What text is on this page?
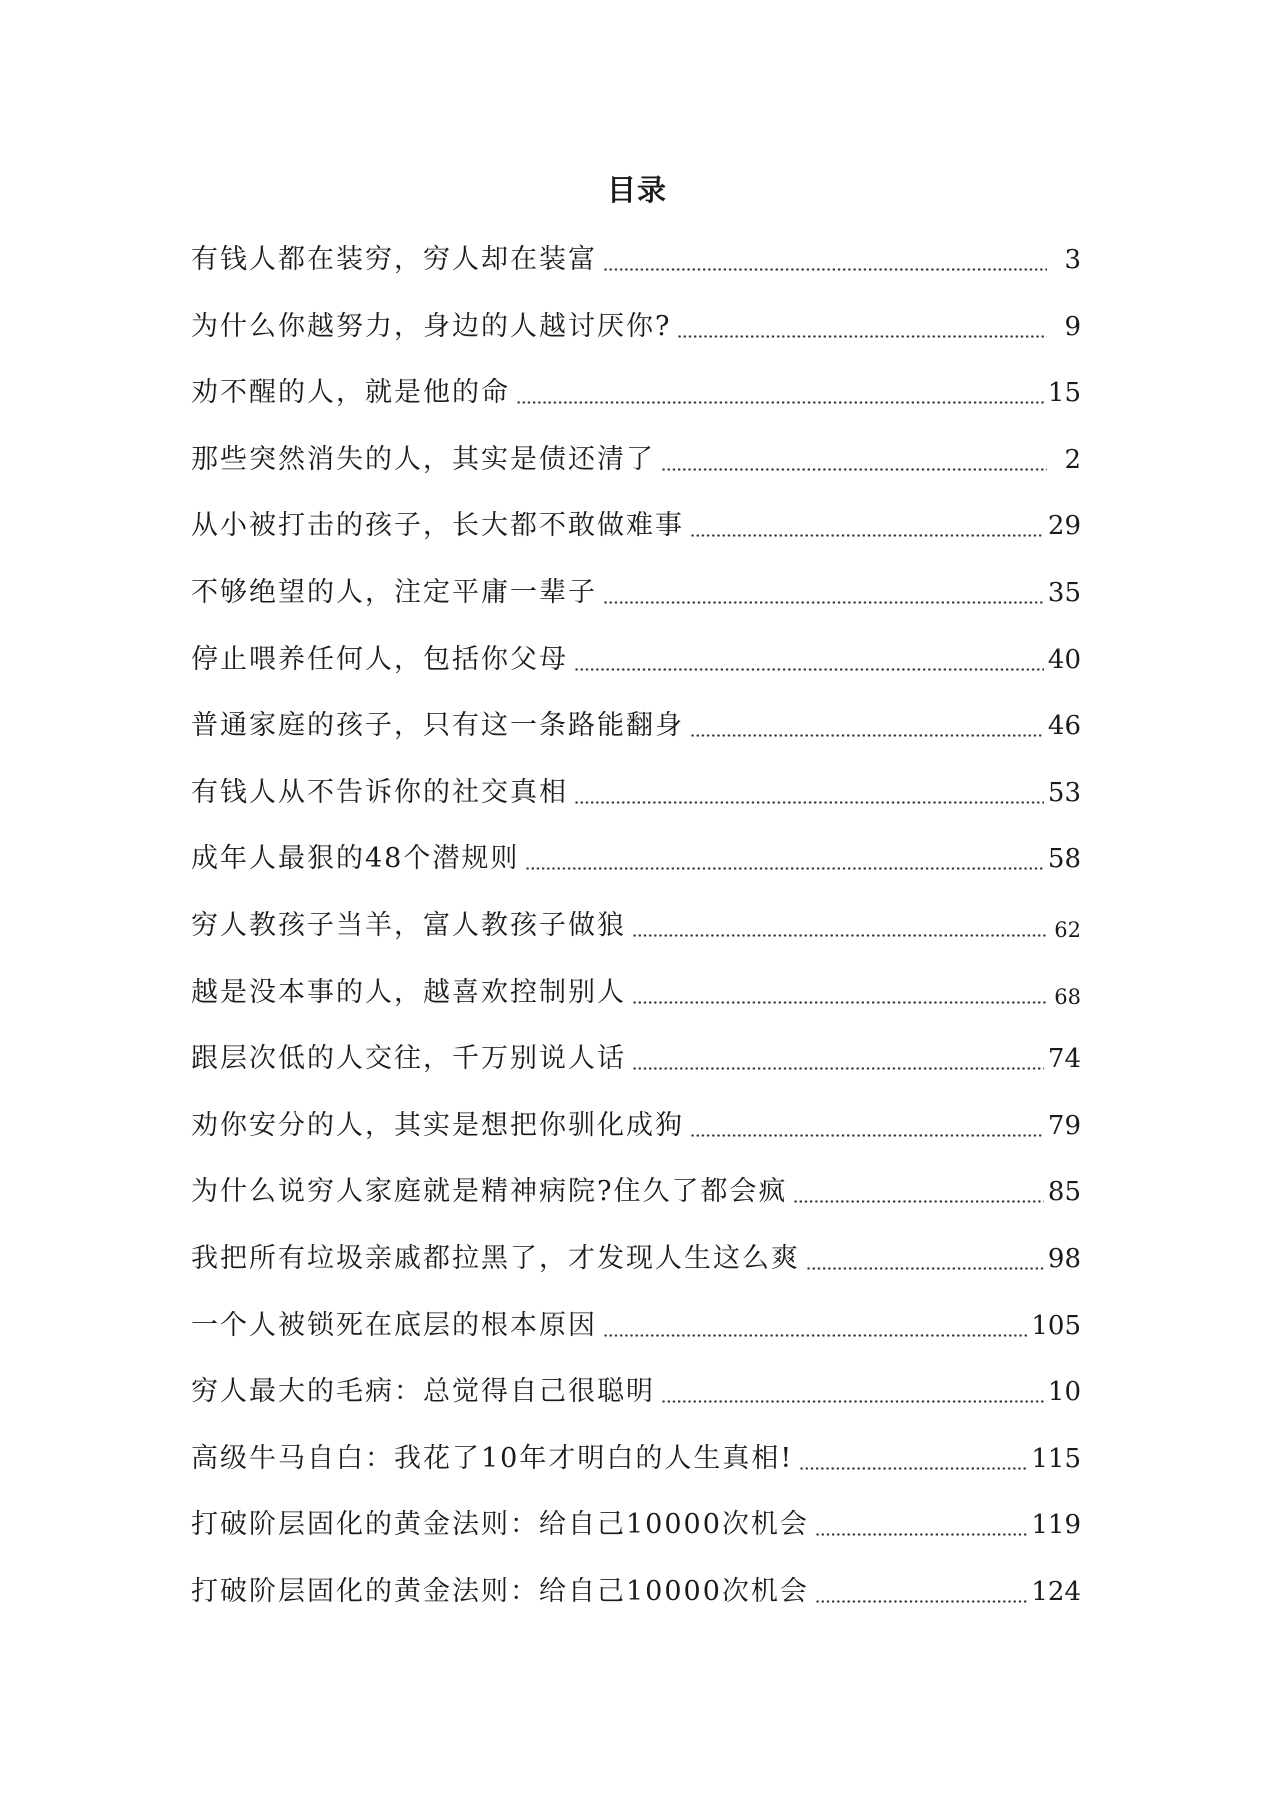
目录
有钱人都在装穷，穷人却在装富	3
为什么你越努力，身边的人越讨厌你?	9
劝不醒的人，就是他的命	15
那些突然消失的人，其实是债还清了	2
从小被打击的孩子，长大都不敢做难事	29
不够绝望的人，注定平庸一辈子	35
停止喂养任何人，包括你父母	40
普通家庭的孩子，只有这一条路能翻身	46
有钱人从不告诉你的社交真相	53
成年人最狠的48个潜规则	58
穷人教孩子当羊，富人教孩子做狼	62
越是没本事的人，越喜欢控制别人	68
跟层次低的人交往，千万别说人话	74
劝你安分的人，其实是想把你驯化成狗	79
为什么说穷人家庭就是精神病院?住久了都会疯	85
我把所有垃圾亲戚都拉黑了，才发现人生这么爽	98
一个人被锁死在底层的根本原因	105
穷人最大的毛病：总觉得自己很聪明	10
高级牛马自白：我花了10年才明白的人生真相!	115
打破阶层固化的黄金法则：给自己10000次机会	119
打破阶层固化的黄金法则：给自己10000次机会	124
